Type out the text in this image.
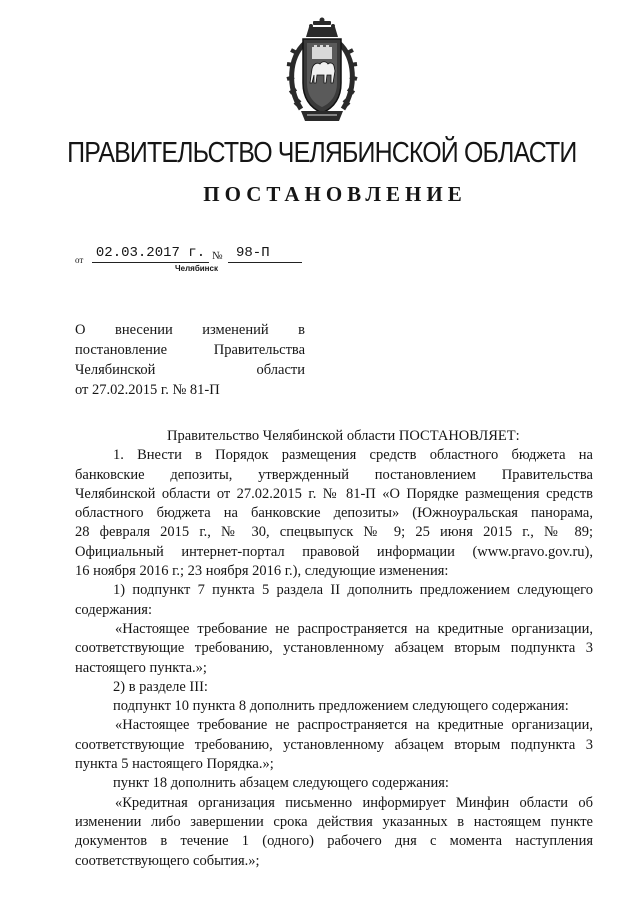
ПРАВИТЕЛЬСТВО ЧЕЛЯБИНСКОЙ ОБЛАСТИ
ПОСТАНОВЛЕНИЕ
от 02.03.2017 г. № 98-П
Челябинск
О внесении изменений в
постановление Правительства
Челябинской области
от 27.02.2015 г. № 81-П
Правительство Челябинской области ПОСТАНОВЛЯЕТ:
1. Внести в Порядок размещения средств областного бюджета на
банковские депозиты, утвержденный постановлением Правительства
Челябинской области от 27.02.2015 г. № 81-П «О Порядке размещения средств
областного бюджета на банковские депозиты» (Южноуральская панорама,
28 февраля 2015 г., № 30, спецвыпуск № 9; 25 июня 2015 г., № 89;
Официальный интернет-портал правовой информации (www.pravo.gov.ru),
16 ноября 2016 г.; 23 ноября 2016 г.), следующие изменения:
1) подпункт 7 пункта 5 раздела II дополнить предложением следующего
содержания:
«Настоящее требование не распространяется на кредитные организации,
соответствующие требованию, установленному абзацем вторым подпункта 3
настоящего пункта.»;
2) в разделе III:
подпункт 10 пункта 8 дополнить предложением следующего содержания:
«Настоящее требование не распространяется на кредитные организации,
соответствующие требованию, установленному абзацем вторым подпункта 3
пункта 5 настоящего Порядка.»;
пункт 18 дополнить абзацем следующего содержания:
«Кредитная организация письменно информирует Минфин области об
изменении либо завершении срока действия указанных в настоящем пункте
документов в течение 1 (одного) рабочего дня с момента наступления
соответствующего события.»;
